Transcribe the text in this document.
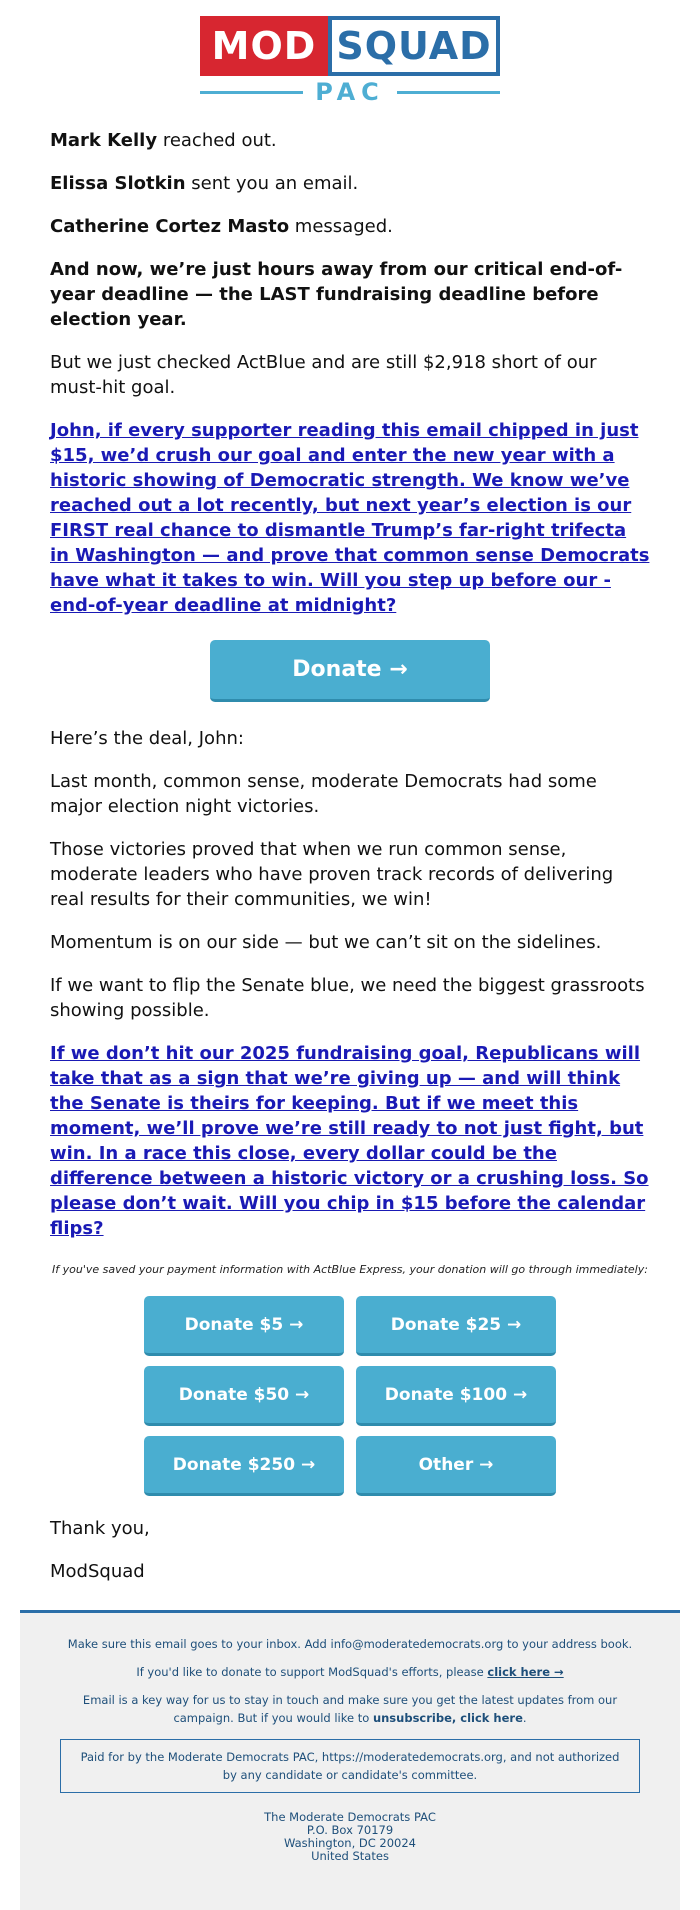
MOD SQUAD
PAC
Mark Kelly reached out.
Elissa Slotkin sent you an email.
Catherine Cortez Masto messaged.
And now, we’re just hours away from our critical end-of-year deadline — the LAST fundraising deadline before election year.
But we just checked ActBlue and are still $2,918 short of our must-hit goal.
John, if every supporter reading this email chipped in just $15, we’d crush our goal and enter the new year with a historic showing of Democratic strength. We know we’ve reached out a lot recently, but next year’s election is our FIRST real chance to dismantle Trump’s far-right trifecta in Washington — and prove that common sense Democrats have what it takes to win. Will you step up before our -end-of-year deadline at midnight?
Donate →
Here’s the deal, John:
Last month, common sense, moderate Democrats had some major election night victories.
Those victories proved that when we run common sense, moderate leaders who have proven track records of delivering real results for their communities, we win!
Momentum is on our side — but we can’t sit on the sidelines.
If we want to flip the Senate blue, we need the biggest grassroots showing possible.
If we don’t hit our 2025 fundraising goal, Republicans will take that as a sign that we’re giving up — and will think the Senate is theirs for keeping. But if we meet this moment, we’ll prove we’re still ready to not just fight, but win. In a race this close, every dollar could be the difference between a historic victory or a crushing loss. So please don’t wait. Will you chip in $15 before the calendar flips?
If you've saved your payment information with ActBlue Express, your donation will go through immediately:
Donate $5 →	Donate $25 →
Donate $50 →	Donate $100 →
Donate $250 →	Other →
Thank you,
ModSquad
Make sure this email goes to your inbox. Add info@moderatedemocrats.org to your address book.
If you'd like to donate to support ModSquad's efforts, please click here →
Email is a key way for us to stay in touch and make sure you get the latest updates from our campaign. But if you would like to unsubscribe, click here.
Paid for by the Moderate Democrats PAC, https://moderatedemocrats.org, and not authorized by any candidate or candidate's committee.
The Moderate Democrats PAC
P.O. Box 70179
Washington, DC 20024
United States
